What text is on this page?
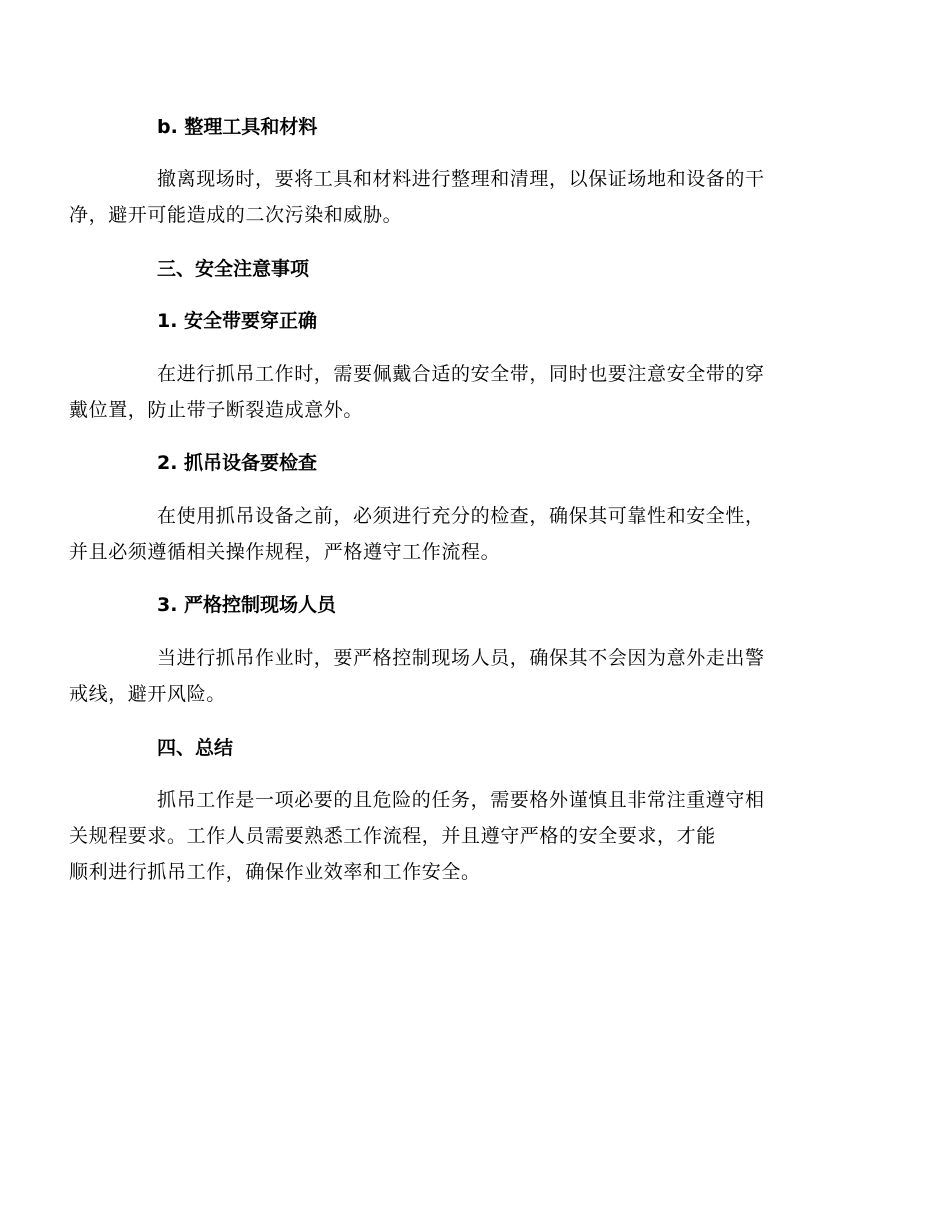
b. 整理工具和材料
撤离现场时，要将工具和材料进行整理和清理，以保证场地和设备的干
净，避开可能造成的二次污染和威胁。
三、安全注意事项
1. 安全带要穿正确
在进行抓吊工作时，需要佩戴合适的安全带，同时也要注意安全带的穿
戴位置，防止带子断裂造成意外。
2. 抓吊设备要检查
在使用抓吊设备之前，必须进行充分的检查，确保其可靠性和安全性，
并且必须遵循相关操作规程，严格遵守工作流程。
3. 严格控制现场人员
当进行抓吊作业时，要严格控制现场人员，确保其不会因为意外走出警
戒线，避开风险。
四、总结
抓吊工作是一项必要的且危险的任务，需要格外谨慎且非常注重遵守相
关规程要求。工作人员需要熟悉工作流程，并且遵守严格的安全要求，才能
顺利进行抓吊工作，确保作业效率和工作安全。
